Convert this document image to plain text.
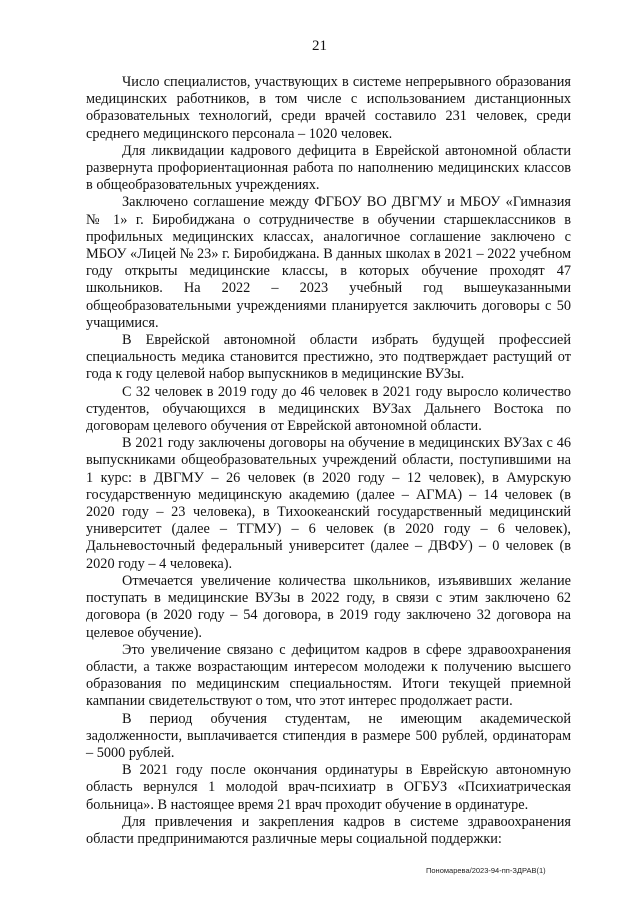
21

Число специалистов, участвующих в системе непрерывного образования медицинских работников, в том числе с использованием дистанционных образовательных технологий, среди врачей составило 231 человек, среди среднего медицинского персонала – 1020 человек.

Для ликвидации кадрового дефицита в Еврейской автономной области развернута профориентационная работа по наполнению медицинских классов в общеобразовательных учреждениях.

Заключено соглашение между ФГБОУ ВО ДВГМУ и МБОУ «Гимназия № 1» г. Биробиджана о сотрудничестве в обучении старшеклассников в профильных медицинских классах, аналогичное соглашение заключено с МБОУ «Лицей № 23» г. Биробиджана. В данных школах в 2021 – 2022 учебном году открыты медицинские классы, в которых обучение проходят 47 школьников. На 2022 – 2023 учебный год вышеуказанными общеобразовательными учреждениями планируется заключить договоры с 50 учащимися.

В Еврейской автономной области избрать будущей профессией специальность медика становится престижно, это подтверждает растущий от года к году целевой набор выпускников в медицинские ВУЗы.

С 32 человек в 2019 году до 46 человек в 2021 году выросло количество студентов, обучающихся в медицинских ВУЗах Дальнего Востока по договорам целевого обучения от Еврейской автономной области.

В 2021 году заключены договоры на обучение в медицинских ВУЗах с 46 выпускниками общеобразовательных учреждений области, поступившими на 1 курс: в ДВГМУ – 26 человек (в 2020 году – 12 человек), в Амурскую государственную медицинскую академию (далее – АГМА) – 14 человек (в 2020 году – 23 человека), в Тихоокеанский государственный медицинский университет (далее – ТГМУ) – 6 человек (в 2020 году – 6 человек), Дальневосточный федеральный университет (далее – ДВФУ) – 0 человек (в 2020 году – 4 человека).

Отмечается увеличение количества школьников, изъявивших желание поступать в медицинские ВУЗы в 2022 году, в связи с этим заключено 62 договора (в 2020 году – 54 договора, в 2019 году заключено 32 договора на целевое обучение).

Это увеличение связано с дефицитом кадров в сфере здравоохранения области, а также возрастающим интересом молодежи к получению высшего образования по медицинским специальностям. Итоги текущей приемной кампании свидетельствуют о том, что этот интерес продолжает расти.

В период обучения студентам, не имеющим академической задолженности, выплачивается стипендия в размере 500 рублей, ординаторам – 5000 рублей.

В 2021 году после окончания ординатуры в Еврейскую автономную область вернулся 1 молодой врач-психиатр в ОГБУЗ «Психиатрическая больница». В настоящее время 21 врач проходит обучение в ординатуре.

Для привлечения и закрепления кадров в системе здравоохранения области предпринимаются различные меры социальной поддержки:

Пономарева/2023-94-пп-ЗДРАВ(1)
